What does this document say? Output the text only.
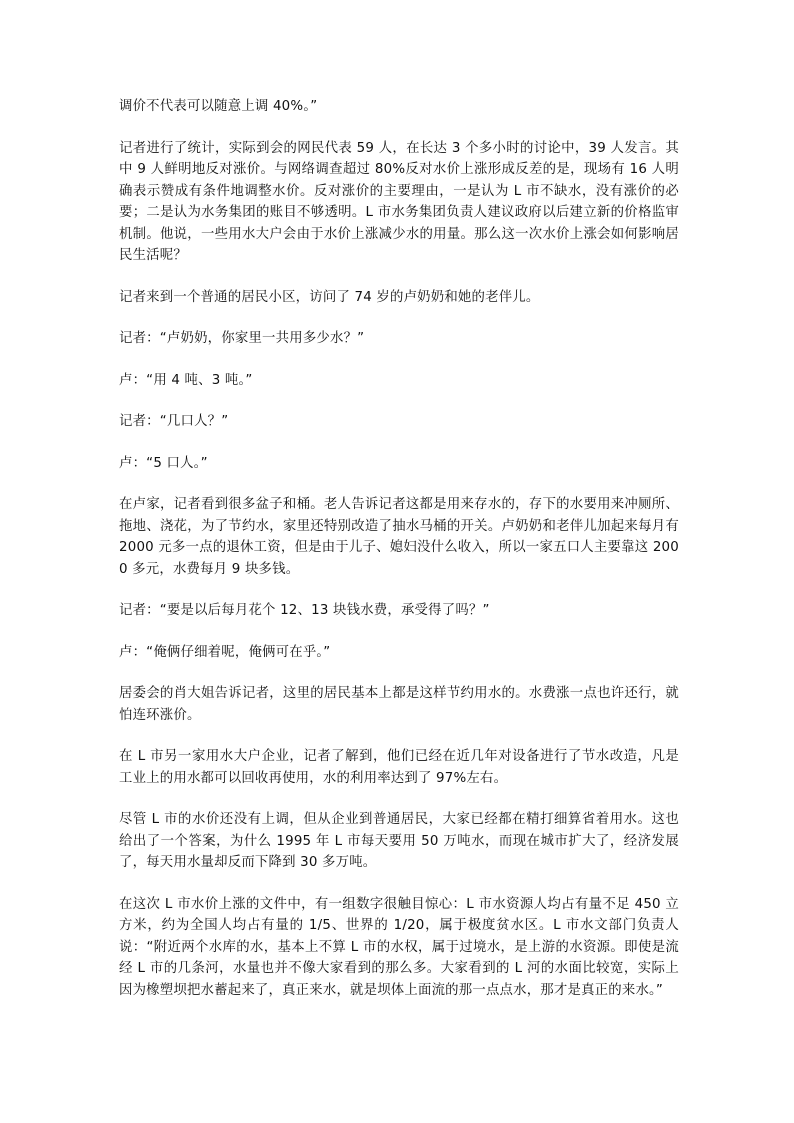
调价不代表可以随意上调 40%。”

记者进行了统计，实际到会的网民代表 59 人，在长达 3 个多小时的讨论中，39 人发言。其中 9 人鲜明地反对涨价。与网络调查超过 80%反对水价上涨形成反差的是，现场有 16 人明确表示赞成有条件地调整水价。反对涨价的主要理由，一是认为 L 市不缺水，没有涨价的必要；二是认为水务集团的账目不够透明。L 市水务集团负责人建议政府以后建立新的价格监审机制。他说，一些用水大户会由于水价上涨减少水的用量。那么这一次水价上涨会如何影响居民生活呢？

记者来到一个普通的居民小区，访问了 74 岁的卢奶奶和她的老伴儿。

记者：“卢奶奶，你家里一共用多少水？”

卢：“用 4 吨、3 吨。”

记者：“几口人？”

卢：“5 口人。”

在卢家，记者看到很多盆子和桶。老人告诉记者这都是用来存水的，存下的水要用来冲厕所、拖地、浇花，为了节约水，家里还特别改造了抽水马桶的开关。卢奶奶和老伴儿加起来每月有 2000 元多一点的退休工资，但是由于儿子、媳妇没什么收入，所以一家五口人主要靠这 2000 多元，水费每月 9 块多钱。

记者：“要是以后每月花个 12、13 块钱水费，承受得了吗？”

卢：“俺俩仔细着呢，俺俩可在乎。”

居委会的肖大姐告诉记者，这里的居民基本上都是这样节约用水的。水费涨一点也许还行，就怕连环涨价。

在 L 市另一家用水大户企业，记者了解到，他们已经在近几年对设备进行了节水改造，凡是工业上的用水都可以回收再使用，水的利用率达到了 97%左右。

尽管 L 市的水价还没有上调，但从企业到普通居民，大家已经都在精打细算省着用水。这也给出了一个答案，为什么 1995 年 L 市每天要用 50 万吨水，而现在城市扩大了，经济发展了，每天用水量却反而下降到 30 多万吨。

在这次 L 市水价上涨的文件中，有一组数字很触目惊心：L 市水资源人均占有量不足 450 立方米，约为全国人均占有量的 1/5、世界的 1/20，属于极度贫水区。L 市水文部门负责人说：“附近两个水库的水，基本上不算 L 市的水权，属于过境水，是上游的水资源。即使是流经 L 市的几条河，水量也并不像大家看到的那么多。大家看到的 L 河的水面比较宽，实际上因为橡塑坝把水蓄起来了，真正来水，就是坝体上面流的那一点点水，那才是真正的来水。”
